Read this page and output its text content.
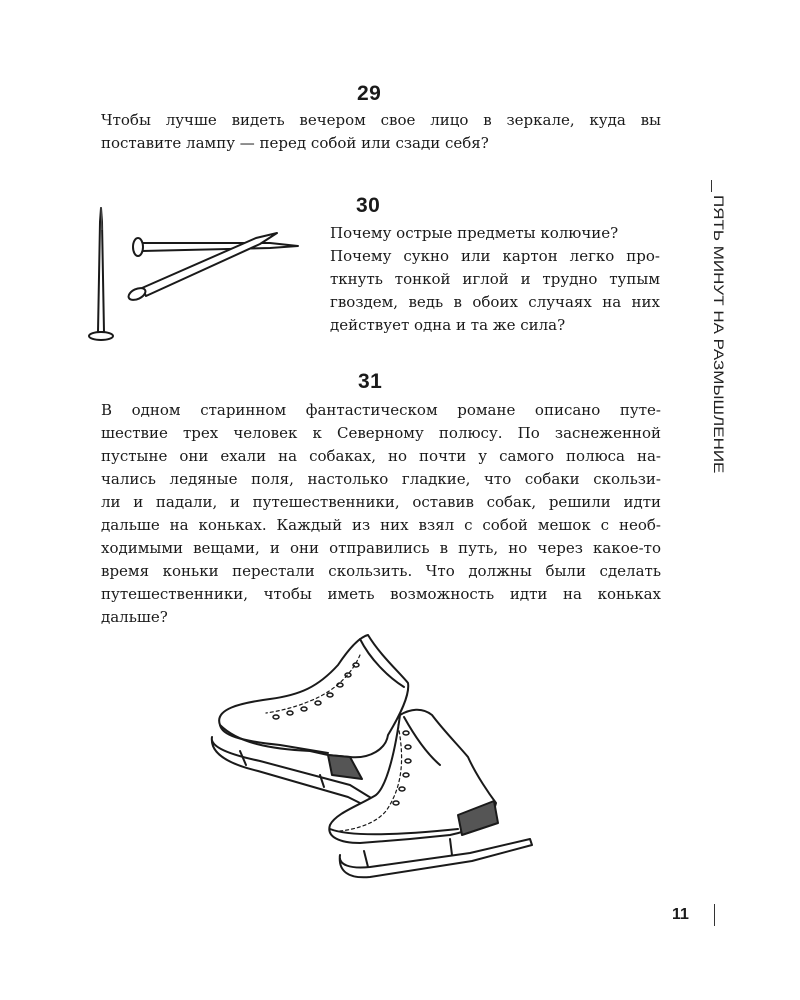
29
Чтобы лучше видеть вечером свое лицо в зеркале, куда вы
поставите лампу — перед собой или сзади себя?
ПЯТЬ МИНУТ НА РАЗМЫШЛЕНИЕ
30
Почему острые предметы колючие?
Почему сукно или картон легко про-
ткнуть тонкой иглой и трудно тупым
гвоздем, ведь в обоих случаях на них
действует одна и та же сила?
31
В одном старинном фантастическом романе описано путе-
шествие трех человек к Северному полюсу. По заснеженной
пустыне они ехали на собаках, но почти у самого полюса на-
чались ледяные поля, настолько гладкие, что собаки скользи-
ли и падали, и путешественники, оставив собак, решили идти
дальше на коньках. Каждый из них взял с собой мешок с необ-
ходимыми вещами, и они отправились в путь, но через какое-то
время коньки перестали скользить. Что должны были сделать
путешественники, чтобы иметь возможность идти на коньках
дальше?
11
